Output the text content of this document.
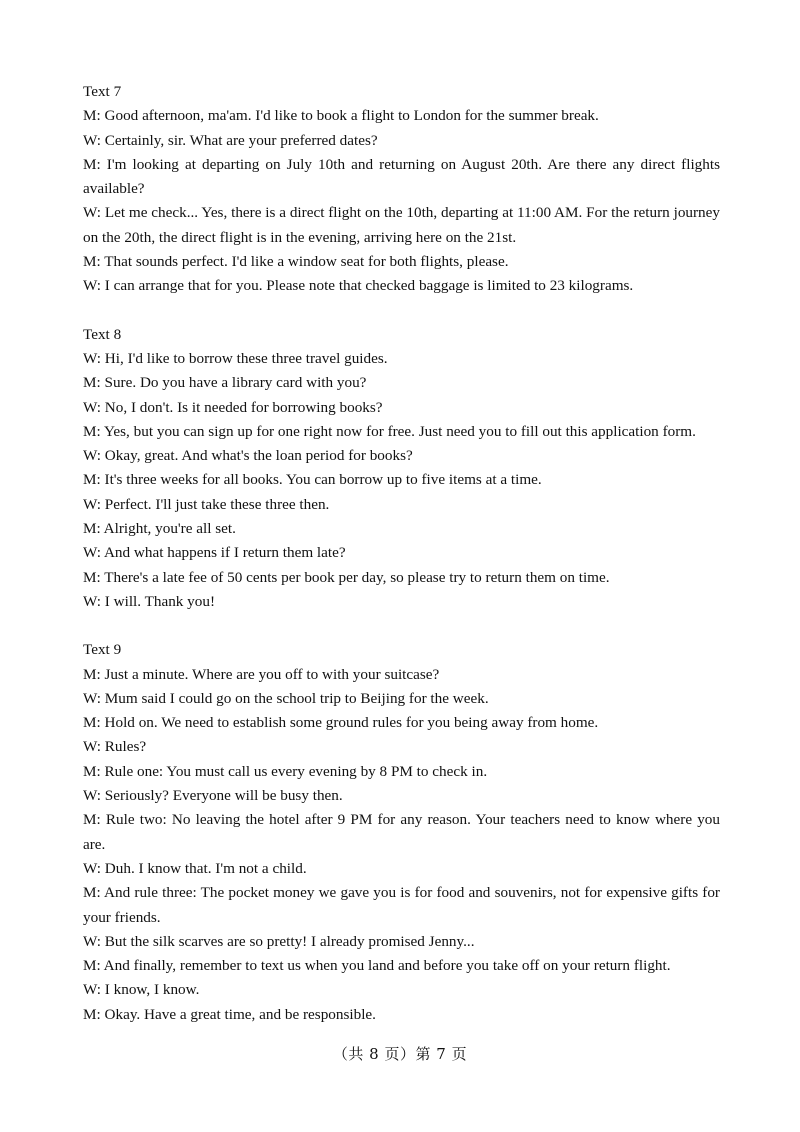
Text 7

M: Good afternoon, ma'am. I'd like to book a flight to London for the summer break.

W: Certainly, sir. What are your preferred dates?

M: I'm looking at departing on July 10th and returning on August 20th. Are there any direct flights available?

W: Let me check... Yes, there is a direct flight on the 10th, departing at 11:00 AM. For the return journey on the 20th, the direct flight is in the evening, arriving here on the 21st.

M: That sounds perfect. I'd like a window seat for both flights, please.

W: I can arrange that for you. Please note that checked baggage is limited to 23 kilograms.

Text 8

W: Hi, I'd like to borrow these three travel guides.

M: Sure. Do you have a library card with you?

W: No, I don't. Is it needed for borrowing books?

M: Yes, but you can sign up for one right now for free. Just need you to fill out this application form.

W: Okay, great. And what's the loan period for books?

M: It's three weeks for all books. You can borrow up to five items at a time.

W: Perfect. I'll just take these three then.

M: Alright, you're all set.

W: And what happens if I return them late?

M: There's a late fee of 50 cents per book per day, so please try to return them on time.

W: I will. Thank you!

Text 9

M: Just a minute. Where are you off to with your suitcase?

W: Mum said I could go on the school trip to Beijing for the week.

M: Hold on. We need to establish some ground rules for you being away from home.

W: Rules?

M: Rule one: You must call us every evening by 8 PM to check in.

W: Seriously? Everyone will be busy then.

M: Rule two: No leaving the hotel after 9 PM for any reason. Your teachers need to know where you are.

W: Duh. I know that. I'm not a child.

M: And rule three: The pocket money we gave you is for food and souvenirs, not for expensive gifts for your friends.

W: But the silk scarves are so pretty! I already promised Jenny...

M: And finally, remember to text us when you land and before you take off on your return flight.

W: I know, I know.

M: Okay. Have a great time, and be responsible.

（共 8 页）第 7 页
